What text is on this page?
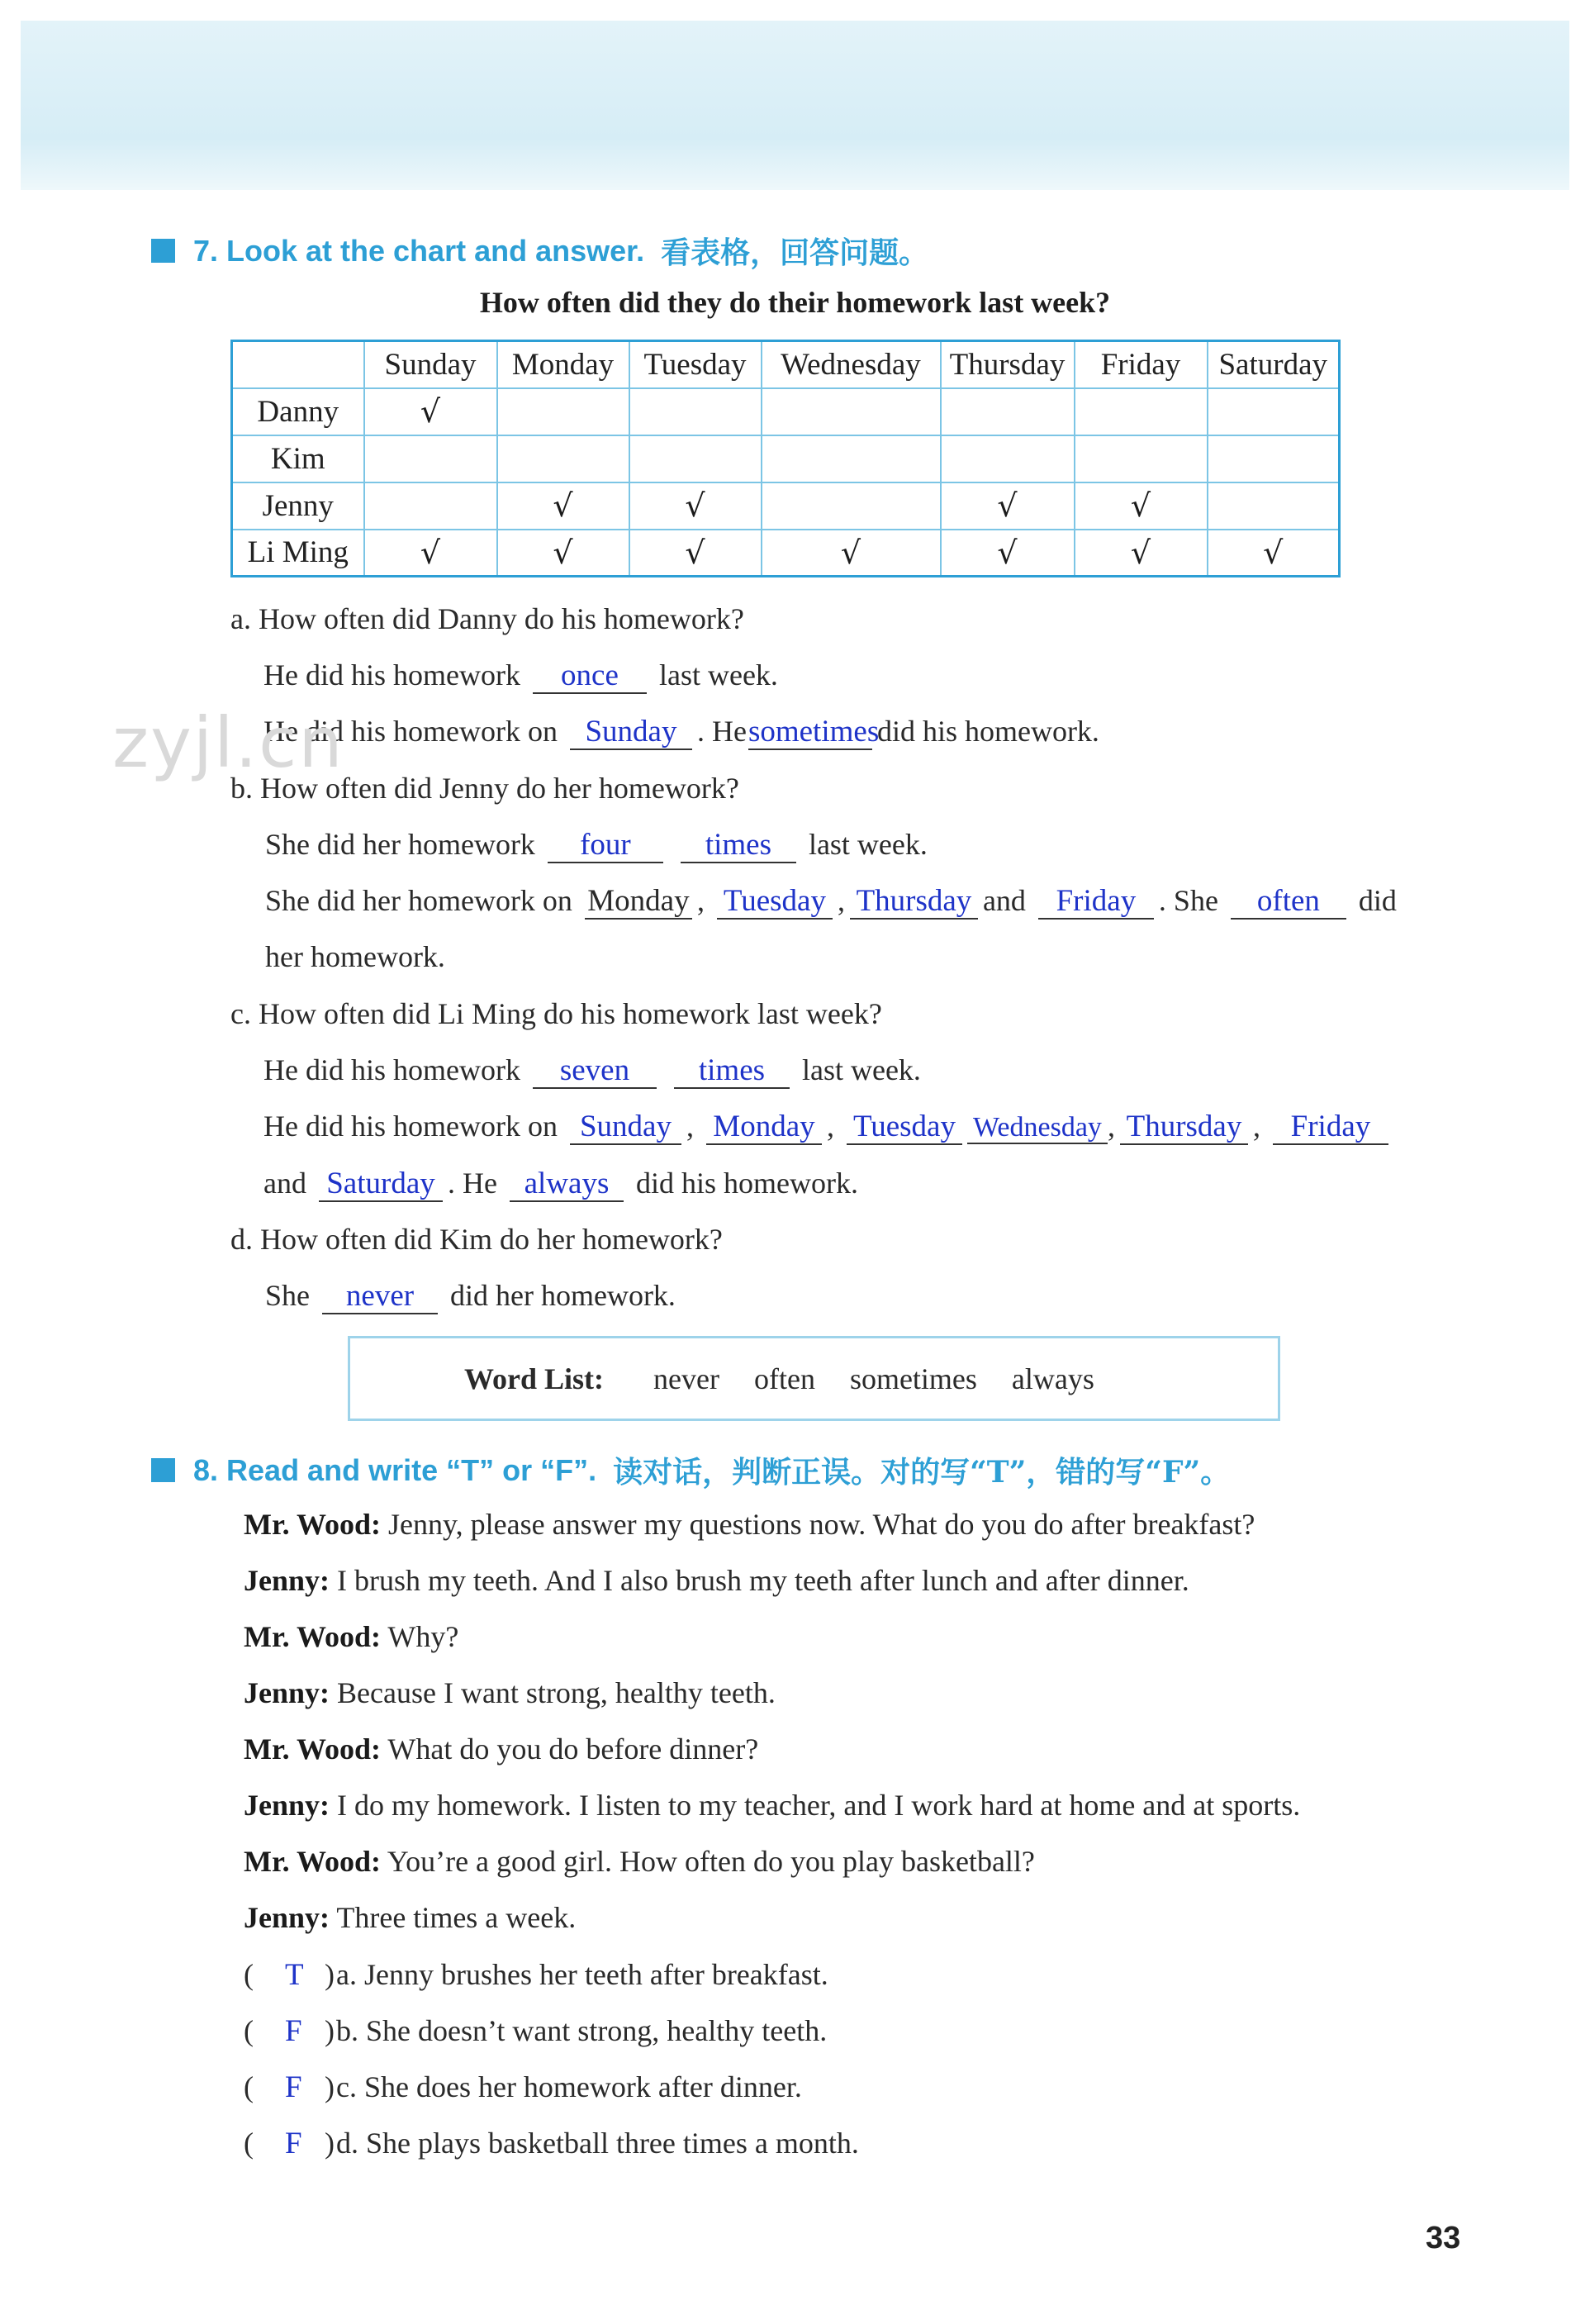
7. Look at the chart and answer. 看表格，回答问题。
How often did they do their homework last week?
	Sunday	Monday	Tuesday	Wednesday	Thursday	Friday	Saturday
Danny	√						
Kim							
Jenny		√	√		√	√	
Li Ming	√	√	√	√	√	√	√
a. How often did Danny do his homework?
He did his homework once last week.
He did his homework on Sunday . Hesometimesdid his homework.
b. How often did Jenny do her homework?
She did her homework four times last week.
She did her homework on Monday , Tuesday , Thursday and Friday . She often did
her homework.
c. How often did Li Ming do his homework last week?
He did his homework seven times last week.
He did his homework on Sunday , Monday , Tuesday Wednesday , Thursday , Friday
and Saturday . He always did his homework.
d. How often did Kim do her homework?
She never did her homework.
Word List: never often sometimes always
8. Read and write “T” or “F”. 读对话，判断正误。对的写“T”，错的写“F”。
Mr. Wood: Jenny, please answer my questions now. What do you do after breakfast?
Jenny: I brush my teeth. And I also brush my teeth after lunch and after dinner.
Mr. Wood: Why?
Jenny: Because I want strong, healthy teeth.
Mr. Wood: What do you do before dinner?
Jenny: I do my homework. I listen to my teacher, and I work hard at home and at sports.
Mr. Wood: You’re a good girl. How often do you play basketball?
Jenny: Three times a week.
( T ) a. Jenny brushes her teeth after breakfast.
( F ) b. She doesn’t want strong, healthy teeth.
( F ) c. She does her homework after dinner.
( F ) d. She plays basketball three times a month.
zyjl.cn
33
